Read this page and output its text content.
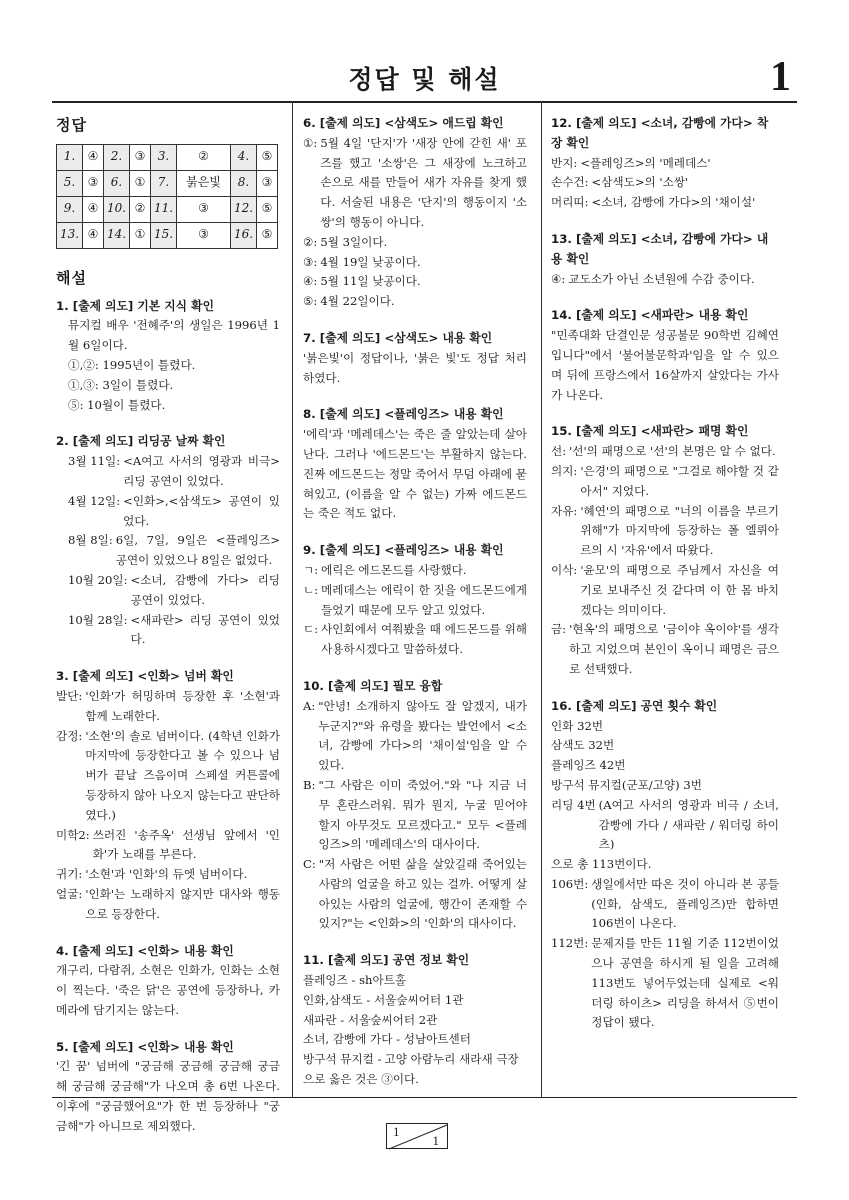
정답 및 해설	1
정답
1.	④	2.	③	3.	②	4.	⑤
5.	③	6.	①	7.	붉은빛	8.	③
9.	④	10.	②	11.	③	12.	⑤
13.	④	14.	①	15.	③	16.	⑤
해설
1. [출제 의도] 기본 지식 확인
뮤지컬 배우 '전혜주'의 생일은 1996년 1월 6일이다.
①,②: 1995년이 틀렸다.
①,③: 3일이 틀렸다.
⑤: 10월이 틀렸다.
2. [출제 의도] 리딩공 날짜 확인
3월 11일: <A여고 사서의 영광과 비극> 리딩 공연이 있었다.
4월 12일: <인화>,<삼색도> 공연이 있었다.
8월 8일: 6일, 7일, 9일은 <플레잉즈> 공연이 있었으나 8일은 없었다.
10월 20일: <소녀, 감빵에 가다> 리딩 공연이 있었다.
10월 28일: <새파란> 리딩 공연이 있었다.
3. [출제 의도] <인화> 넘버 확인
발단: '인화'가 허밍하며 등장한 후 '소현'과 함께 노래한다.
감정: '소현'의 솔로 넘버이다. (4학년 인화가 마지막에 등장한다고 볼 수 있으나 넘버가 끝날 즈음이며 스페셜 커튼콜에 등장하지 않아 나오지 않는다고 판단하였다.)
미학2: 쓰러진 '송주옥' 선생님 앞에서 '인화'가 노래를 부른다.
귀기: '소현'과 '인화'의 듀엣 넘버이다.
얼굴: '인화'는 노래하지 않지만 대사와 행동으로 등장한다.
4. [출제 의도] <인화> 내용 확인
개구리, 다람쥐, 소현은 인화가, 인화는 소현이 찍는다. '죽은 닭'은 공연에 등장하나, 카메라에 담기지는 않는다.
5. [출제 의도] <인화> 내용 확인
'긴 꿈' 넘버에 "궁금해 궁금해 궁금해 궁금해 궁금해 궁금해"가 나오며 총 6번 나온다. 이후에 "궁금했어요"가 한 번 등장하나 "궁금해"가 아니므로 제외했다.
6. [출제 의도] <삼색도> 애드립 확인
①: 5월 4일 '단지'가 '새장 안에 갇힌 새' 포즈를 했고 '소쌍'은 그 새장에 노크하고 손으로 새를 만들어 새가 자유를 찾게 했다. 서술된 내용은 '단지'의 행동이지 '소쌍'의 행동이 아니다.
②: 5월 3일이다.
③: 4월 19일 낮공이다.
④: 5월 11일 낮공이다.
⑤: 4월 22일이다.
7. [출제 의도] <삼색도> 내용 확인
'붉은빛'이 정답이나, '붉은 빛'도 정답 처리하였다.
8. [출제 의도] <플레잉즈> 내용 확인
'에릭'과 '메레데스'는 죽은 줄 알았는데 살아난다. 그러나 '에드몬드'는 부활하지 않는다. 진짜 에드몬드는 정말 죽어서 무덤 아래에 묻혀있고, (이름을 알 수 없는) 가짜 에드몬드는 죽은 적도 없다.
9. [출제 의도] <플레잉즈> 내용 확인
ㄱ: 에릭은 에드몬드를 사랑했다.
ㄴ: 메레데스는 에릭이 한 짓을 에드몬드에게 들었기 때문에 모두 알고 있었다.
ㄷ: 사인회에서 여쭤봤을 때 에드몬드를 위해 사용하시겠다고 말씀하셨다.
10. [출제 의도] 필모 융합
A: "안녕! 소개하지 않아도 잘 알겠지, 내가 누군지?"와 유령을 봤다는 발언에서 <소녀, 감빵에 가다>의 '채이설'임을 알 수 있다.
B: "그 사람은 이미 죽었어."와 "나 지금 너무 혼란스러워. 뭐가 뭔지, 누굴 믿어야 할지 아무것도 모르겠다고." 모두 <플레잉즈>의 '메레데스'의 대사이다.
C: "저 사람은 어떤 삶을 살았길래 죽어있는 사람의 얼굴을 하고 있는 걸까. 어떻게 살아있는 사람의 얼굴에, 행간이 존재할 수 있지?"는 <인화>의 '인화'의 대사이다.
11. [출제 의도] 공연 정보 확인
플레잉즈 - sh아트홀
인화,삼색도 - 서울숲씨어터 1관
새파란 - 서울숲씨어터 2관
소녀, 감빵에 가다 - 성남아트센터
방구석 뮤지컬 - 고양 아람누리 새라새 극장
으로 옳은 것은 ③이다.
12. [출제 의도] <소녀, 감빵에 가다> 착장 확인
반지: <플레잉즈>의 '메레데스'
손수건: <삼색도>의 '소쌍'
머리띠: <소녀, 감빵에 가다>의 '채이설'
13. [출제 의도] <소녀, 감빵에 가다> 내용 확인
④: 교도소가 아닌 소년원에 수감 중이다.
14. [출제 의도] <새파란> 내용 확인
"민족대화 단결인문 성공불문 90학번 김혜연입니다"에서 '불어불문학과'임을 알 수 있으며 뒤에 프랑스에서 16살까지 살았다는 가사가 나온다.
15. [출제 의도] <새파란> 패명 확인
선: '선'의 패명으로 '선'의 본명은 알 수 없다.
의지: '은경'의 패명으로 "그걸로 해야할 것 같아서" 지었다.
자유: '혜연'의 패명으로 "너의 이름을 부르기 위해"가 마지막에 등장하는 폴 엘뤼아르의 시 '자유'에서 따왔다.
이삭: '윤모'의 패명으로 주님께서 자신을 여기로 보내주신 것 같다며 이 한 몸 바치겠다는 의미이다.
금: '현옥'의 패명으로 '금이야 옥이야'를 생각하고 지었으며 본인이 옥이니 패명은 금으로 선택했다.
16. [출제 의도] 공연 횟수 확인
인화 32번
삼색도 32번
플레잉즈 42번
방구석 뮤지컬(군포/고양) 3번
리딩 4번 (A여고 사서의 영광과 비극 / 소녀, 감빵에 가다 / 새파란 / 워더링 하이츠)
으로 총 113번이다.
106번: 생일에서만 따온 것이 아니라 본 공들(인화, 삼색도, 플레잉즈)만 합하면 106번이 나온다.
112번: 문제지를 만든 11월 기준 112번이었으나 공연을 하시게 될 일을 고려해 113번도 넣어두었는데 실제로 <워더링 하이츠> 리딩을 하셔서 ⑤번이 정답이 됐다.
1
1
